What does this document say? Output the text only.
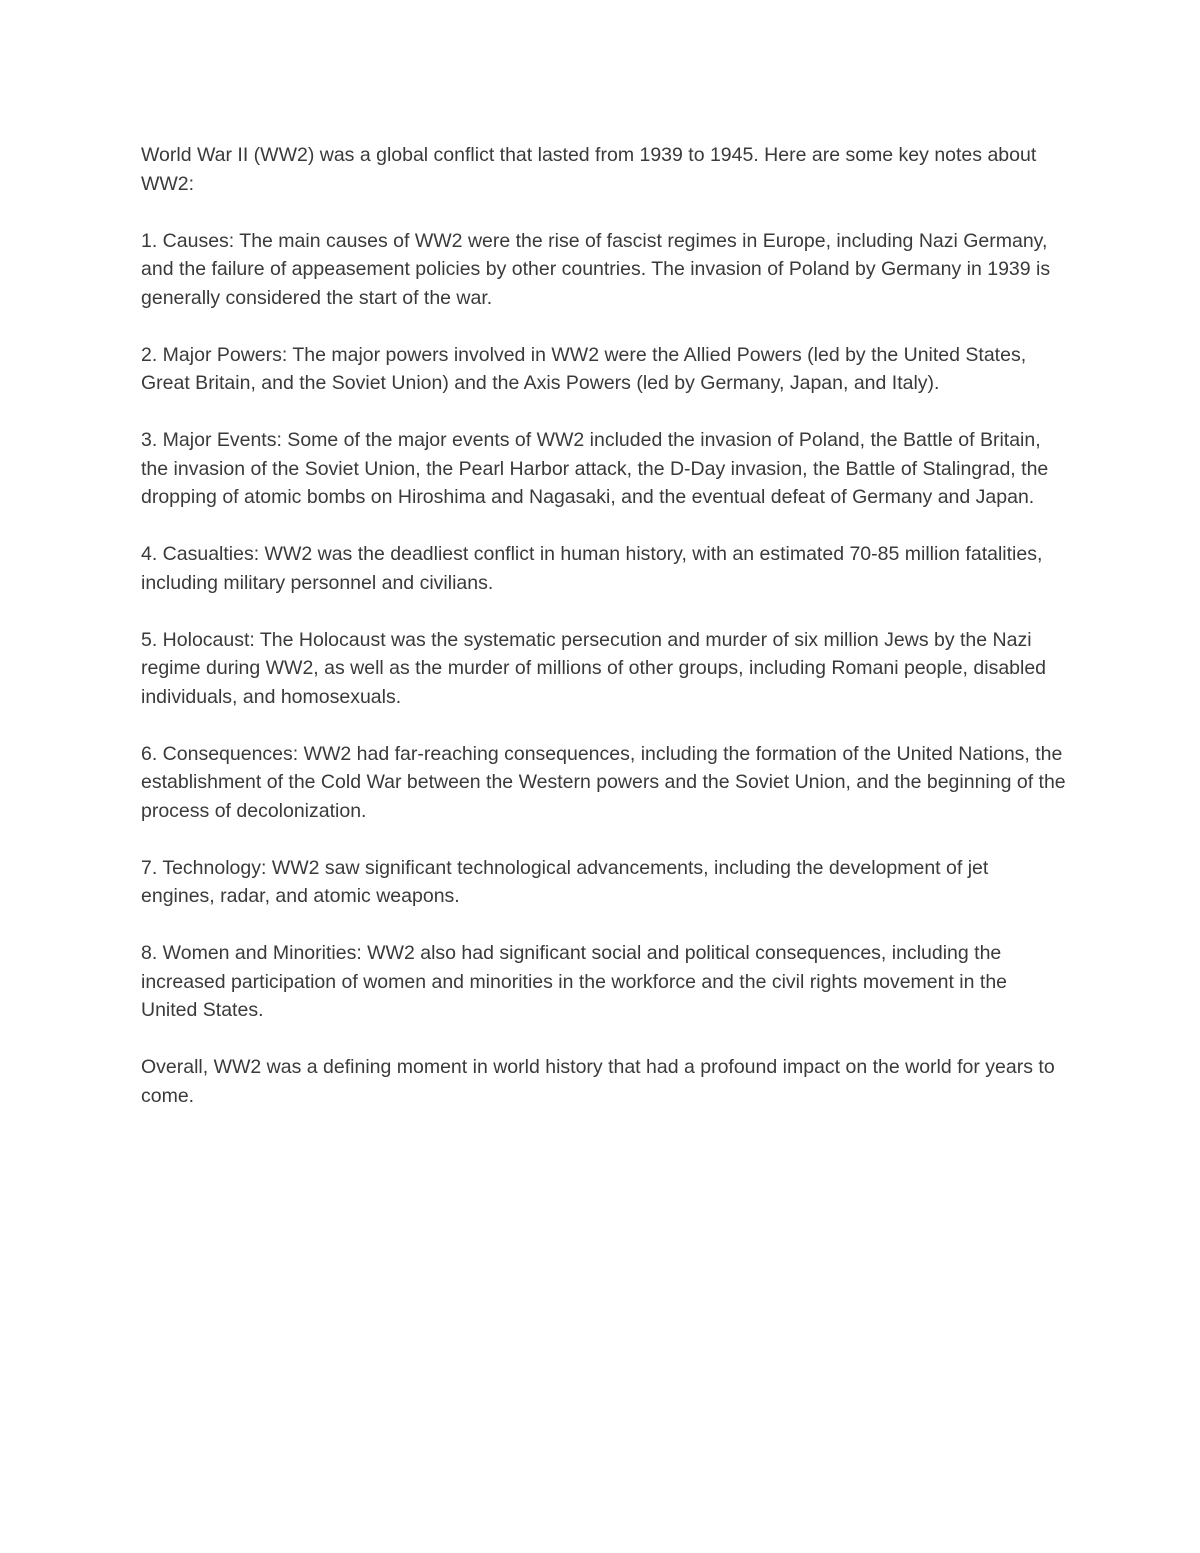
World War II (WW2) was a global conflict that lasted from 1939 to 1945. Here are some key notes about WW2:

1. Causes: The main causes of WW2 were the rise of fascist regimes in Europe, including Nazi Germany, and the failure of appeasement policies by other countries. The invasion of Poland by Germany in 1939 is generally considered the start of the war.

2. Major Powers: The major powers involved in WW2 were the Allied Powers (led by the United States, Great Britain, and the Soviet Union) and the Axis Powers (led by Germany, Japan, and Italy).

3. Major Events: Some of the major events of WW2 included the invasion of Poland, the Battle of Britain, the invasion of the Soviet Union, the Pearl Harbor attack, the D-Day invasion, the Battle of Stalingrad, the dropping of atomic bombs on Hiroshima and Nagasaki, and the eventual defeat of Germany and Japan.

4. Casualties: WW2 was the deadliest conflict in human history, with an estimated 70-85 million fatalities, including military personnel and civilians.

5. Holocaust: The Holocaust was the systematic persecution and murder of six million Jews by the Nazi regime during WW2, as well as the murder of millions of other groups, including Romani people, disabled individuals, and homosexuals.

6. Consequences: WW2 had far-reaching consequences, including the formation of the United Nations, the establishment of the Cold War between the Western powers and the Soviet Union, and the beginning of the process of decolonization.

7. Technology: WW2 saw significant technological advancements, including the development of jet engines, radar, and atomic weapons.

8. Women and Minorities: WW2 also had significant social and political consequences, including the increased participation of women and minorities in the workforce and the civil rights movement in the United States.

Overall, WW2 was a defining moment in world history that had a profound impact on the world for years to come.
